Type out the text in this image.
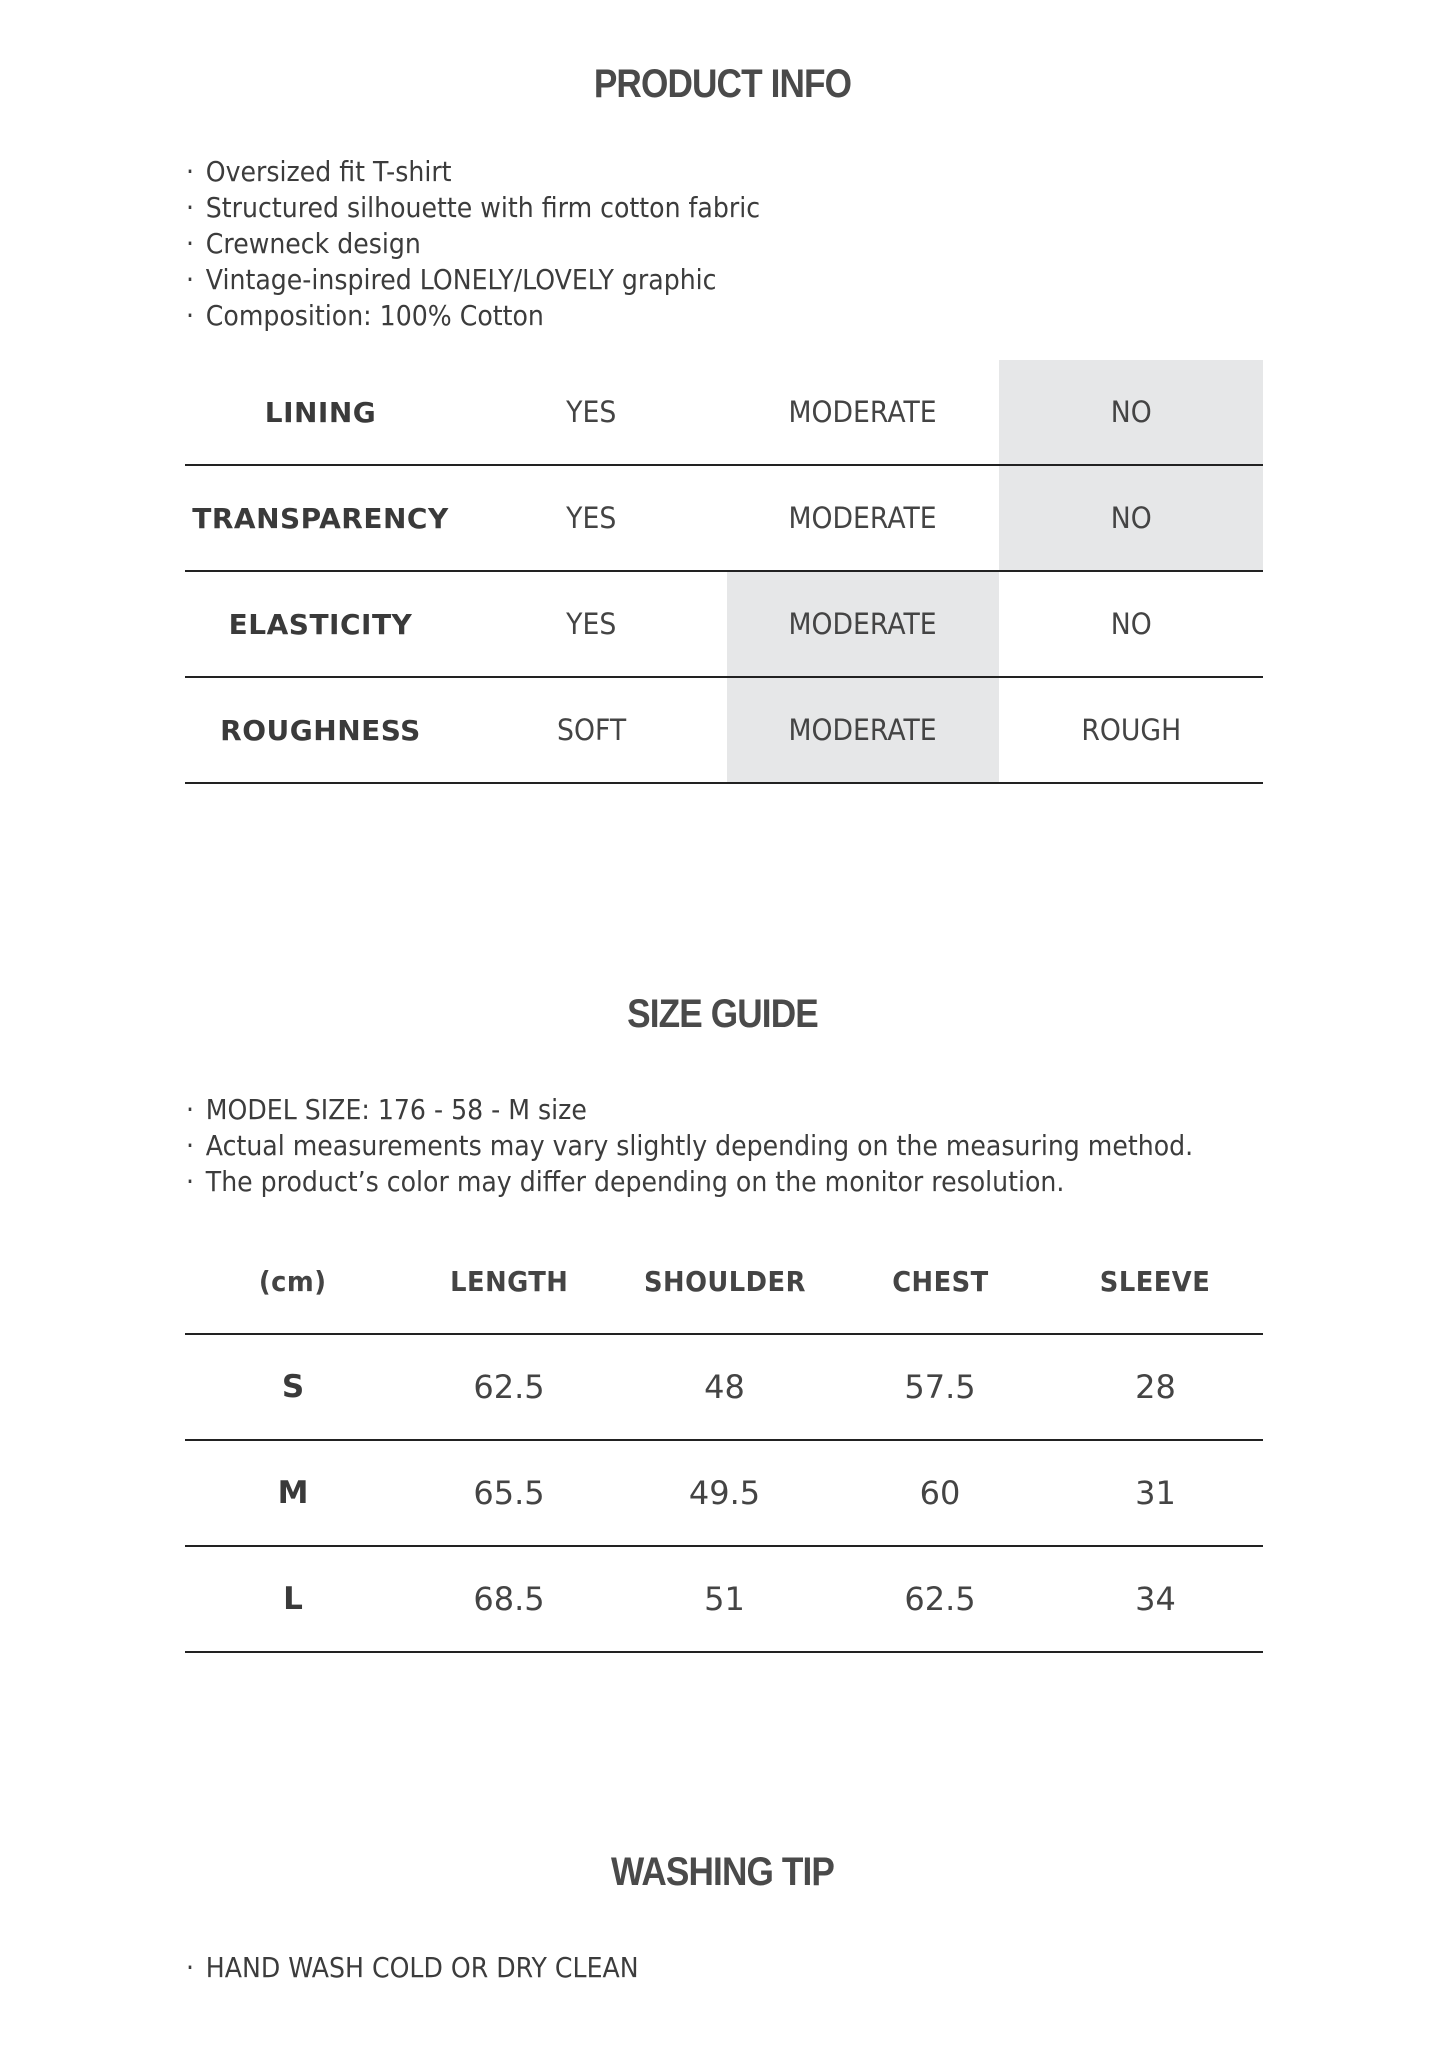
PRODUCT INFO
· Oversized fit T-shirt
· Structured silhouette with firm cotton fabric
· Crewneck design
· Vintage-inspired LONELY/LOVELY graphic
· Composition: 100% Cotton
LINING	YES	MODERATE	NO
TRANSPARENCY	YES	MODERATE	NO
ELASTICITY	YES	MODERATE	NO
ROUGHNESS	SOFT	MODERATE	ROUGH
SIZE GUIDE
· MODEL SIZE: 176 - 58 - M size
· Actual measurements may vary slightly depending on the measuring method.
· The product’s color may differ depending on the monitor resolution.
(cm)	LENGTH	SHOULDER	CHEST	SLEEVE
S	62.5	48	57.5	28
M	65.5	49.5	60	31
L	68.5	51	62.5	34
WASHING TIP
· HAND WASH COLD OR DRY CLEAN
